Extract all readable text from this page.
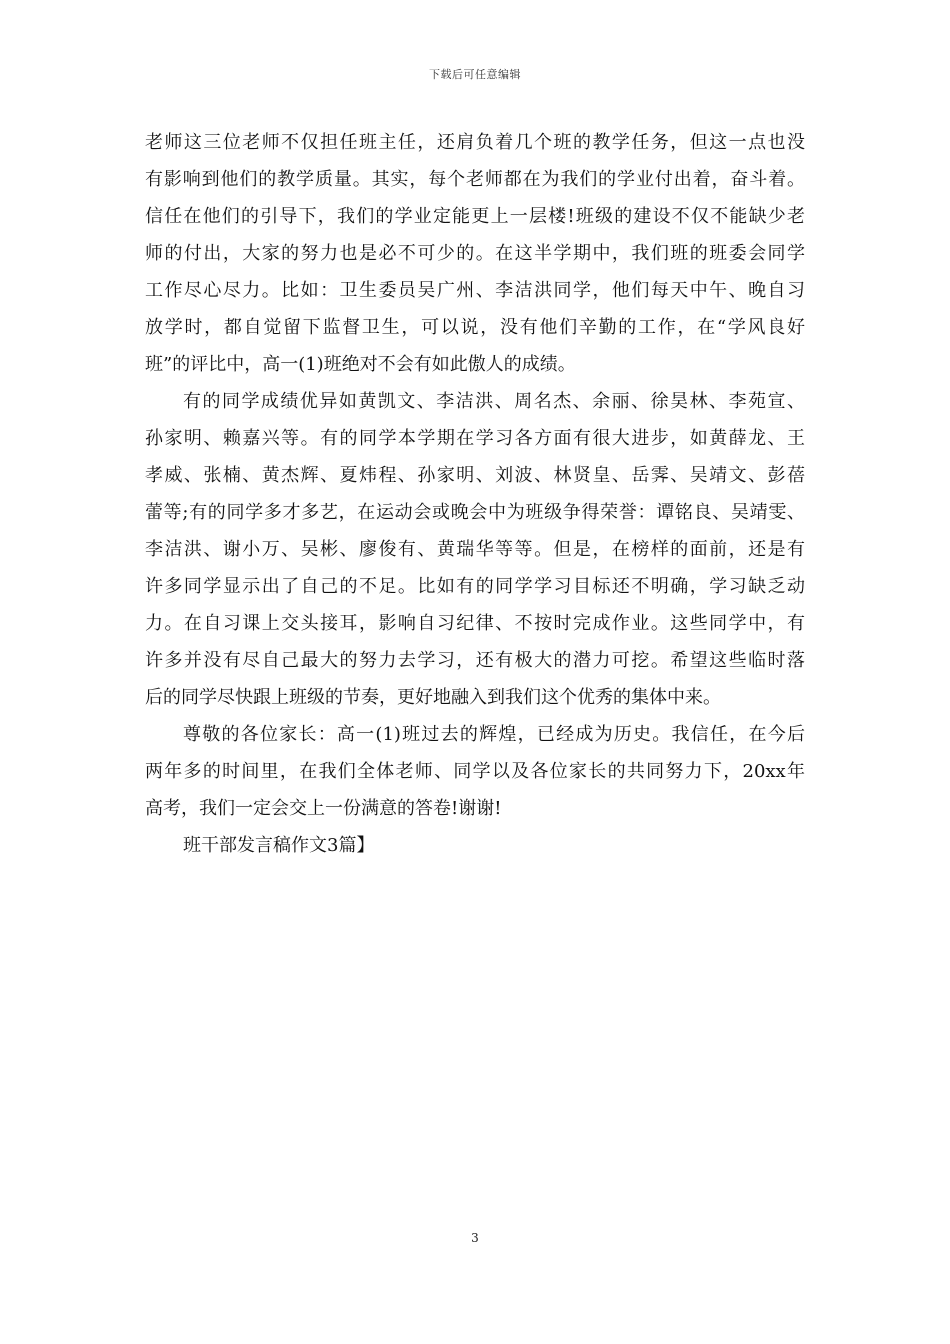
下载后可任意编辑
老师这三位老师不仅担任班主任，还肩负着几个班的教学任务，但这一点也没
有影响到他们的教学质量。其实，每个老师都在为我们的学业付出着，奋斗着。
信任在他们的引导下，我们的学业定能更上一层楼!班级的建设不仅不能缺少老
师的付出，大家的努力也是必不可少的。在这半学期中，我们班的班委会同学
工作尽心尽力。比如：卫生委员吴广州、李洁洪同学，他们每天中午、晚自习
放学时，都自觉留下监督卫生，可以说，没有他们辛勤的工作，在“学风良好
班”的评比中，高一(1)班绝对不会有如此傲人的成绩。
有的同学成绩优异如黄凯文、李洁洪、周名杰、余丽、徐昊林、李苑宣、
孙家明、赖嘉兴等。有的同学本学期在学习各方面有很大进步，如黄薛龙、王
孝威、张楠、黄杰辉、夏炜程、孙家明、刘波、林贤皇、岳霁、吴靖文、彭蓓
蕾等;有的同学多才多艺，在运动会或晚会中为班级争得荣誉：谭铭良、吴靖雯、
李洁洪、谢小万、吴彬、廖俊有、黄瑞华等等。但是，在榜样的面前，还是有
许多同学显示出了自己的不足。比如有的同学学习目标还不明确，学习缺乏动
力。在自习课上交头接耳，影响自习纪律、不按时完成作业。这些同学中，有
许多并没有尽自己最大的努力去学习，还有极大的潜力可挖。希望这些临时落
后的同学尽快跟上班级的节奏，更好地融入到我们这个优秀的集体中来。
尊敬的各位家长：高一(1)班过去的辉煌，已经成为历史。我信任，在今后
两年多的时间里，在我们全体老师、同学以及各位家长的共同努力下，20xx年
高考，我们一定会交上一份满意的答卷!谢谢!
班干部发言稿作文3篇】
3
